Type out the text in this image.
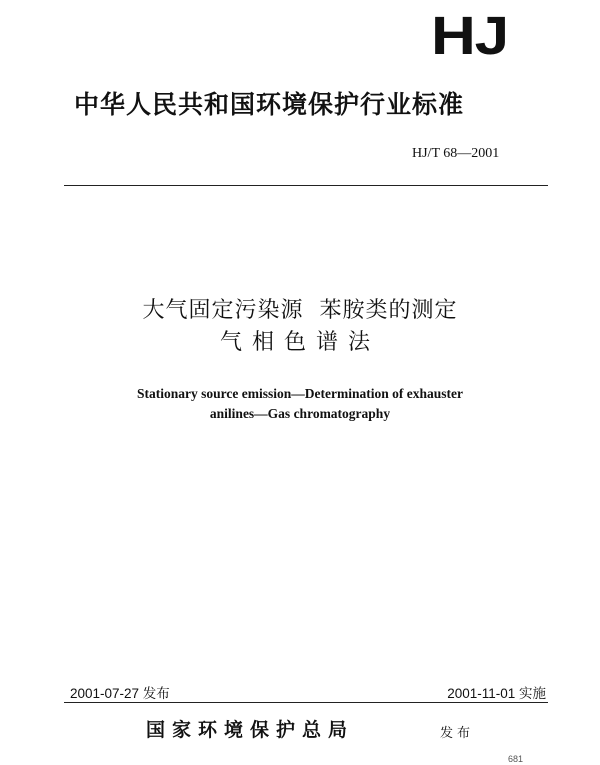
HJ
中华人民共和国环境保护行业标准
HJ/T 68—2001
大气固定污染源  苯胺类的测定
气相色谱法
Stationary source emission—Determination of exhauster
anilines—Gas chromatography
2001-07-27 发布	2001-11-01 实施
国家环境保护总局	发布
681
